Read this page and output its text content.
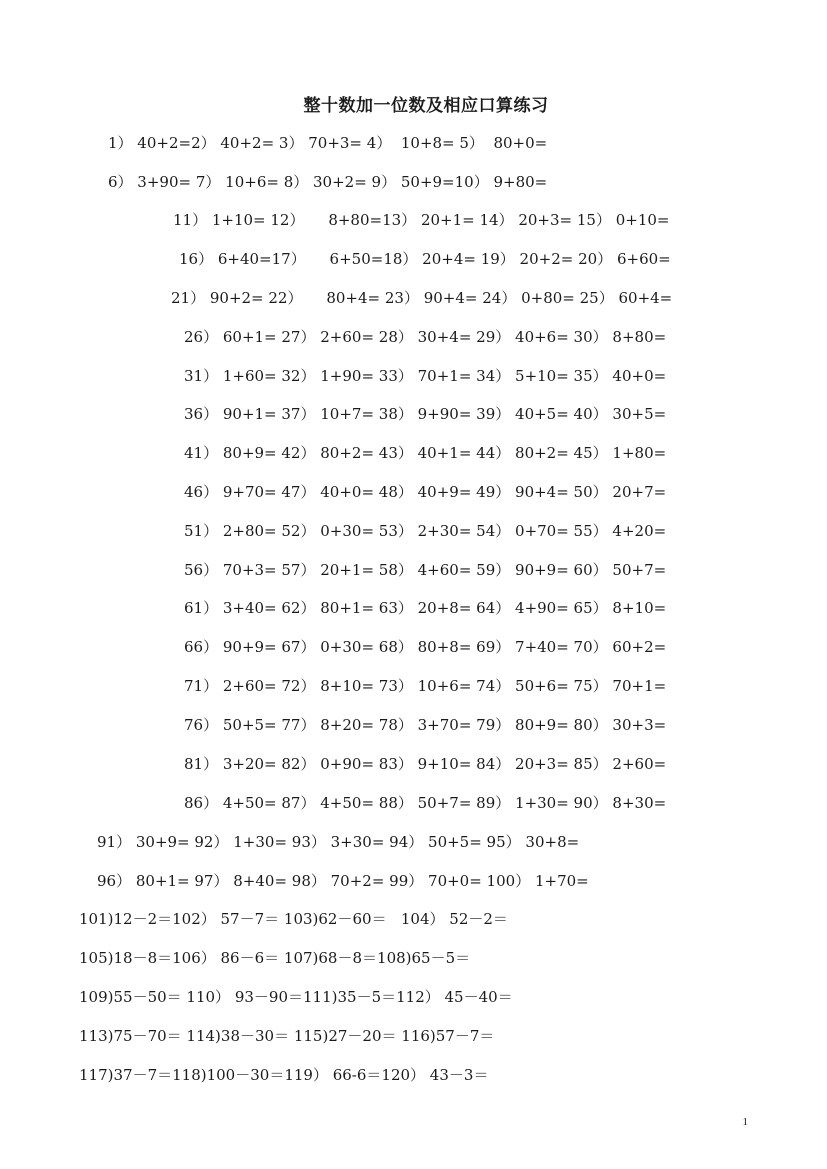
整十数加一位数及相应口算练习
1） 40+2=2） 40+2= 3） 70+3= 4）  10+8= 5）  80+0=
6） 3+90= 7） 10+6= 8） 30+2= 9） 50+9=10） 9+80=
11） 1+10= 12）     8+80=13） 20+1= 14） 20+3= 15） 0+10=
16） 6+40=17）     6+50=18） 20+4= 19） 20+2= 20） 6+60=
21） 90+2= 22）     80+4= 23） 90+4= 24） 0+80= 25） 60+4=
26） 60+1= 27） 2+60= 28） 30+4= 29） 40+6= 30） 8+80=
31） 1+60= 32） 1+90= 33） 70+1= 34） 5+10= 35） 40+0=
36） 90+1= 37） 10+7= 38） 9+90= 39） 40+5= 40） 30+5=
41） 80+9= 42） 80+2= 43） 40+1= 44） 80+2= 45） 1+80=
46） 9+70= 47） 40+0= 48） 40+9= 49） 90+4= 50） 20+7=
51） 2+80= 52） 0+30= 53） 2+30= 54） 0+70= 55） 4+20=
56） 70+3= 57） 20+1= 58） 4+60= 59） 90+9= 60） 50+7=
61） 3+40= 62） 80+1= 63） 20+8= 64） 4+90= 65） 8+10=
66） 90+9= 67） 0+30= 68） 80+8= 69） 7+40= 70） 60+2=
71） 2+60= 72） 8+10= 73） 10+6= 74） 50+6= 75） 70+1=
76） 50+5= 77） 8+20= 78） 3+70= 79） 80+9= 80） 30+3=
81） 3+20= 82） 0+90= 83） 9+10= 84） 20+3= 85） 2+60=
86） 4+50= 87） 4+50= 88） 50+7= 89） 1+30= 90） 8+30=
91） 30+9= 92） 1+30= 93） 3+30= 94） 50+5= 95） 30+8=
96） 80+1= 97） 8+40= 98） 70+2= 99） 70+0= 100） 1+70=
101)12－2＝102） 57－7＝ 103)62－60＝   104） 52－2＝
105)18－8＝106） 86－6＝ 107)68－8＝108)65－5＝
109)55－50＝ 110） 93－90＝111)35－5＝112） 45－40＝
113)75－70＝ 114)38－30＝ 115)27－20＝ 116)57－7＝
117)37－7＝118)100－30＝119） 66-6＝120） 43－3＝
1
